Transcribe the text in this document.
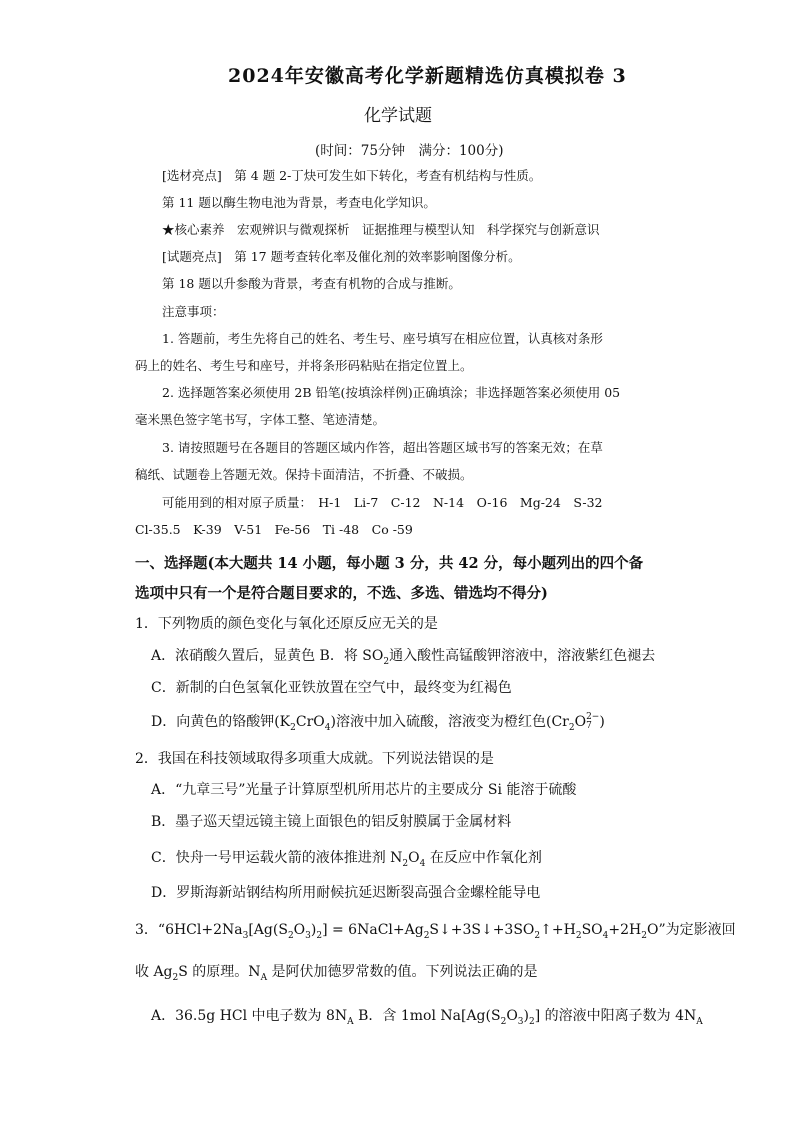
2024年安徽高考化学新题精选仿真模拟卷 3
化学试题
(时间：75分钟　满分：100分)
[选材亮点]　第 4 题 2-丁炔可发生如下转化，考查有机结构与性质。
第 11 题以酶生物电池为背景，考查电化学知识。
★核心素养　宏观辨识与微观探析　证据推理与模型认知　科学探究与创新意识
[试题亮点]　第 17 题考查转化率及催化剂的效率影响图像分析。
第 18 题以升参酸为背景，考查有机物的合成与推断。
注意事项：
1. 答题前，考生先将自己的姓名、考生号、座号填写在相应位置，认真核对条形
码上的姓名、考生号和座号，并将条形码粘贴在指定位置上。
2. 选择题答案必须使用 2B 铅笔(按填涂样例)正确填涂；非选择题答案必须使用 05
毫米黑色签字笔书写，字体工整、笔迹清楚。
3. 请按照题号在各题目的答题区域内作答，超出答题区域书写的答案无效；在草
稿纸、试题卷上答题无效。保持卡面清洁，不折叠、不破损。
可能用到的相对原子质量：　H-1　Li-7　C-12　N-14　O-16　Mg-24　S-32
Cl-35.5　K-39　V-51　Fe-56　Ti -48　Co -59
一、选择题(本大题共 14 小题，每小题 3 分，共 42 分，每小题列出的四个备
选项中只有一个是符合题目要求的，不选、多选、错选均不得分)
1．下列物质的颜色变化与氧化还原反应无关的是
A．浓硝酸久置后，显黄色 B．将 $SO_2$通入酸性高锰酸钾溶液中，溶液紫红色褪去
C．新制的白色氢氧化亚铁放置在空气中，最终变为红褐色
D．向黄色的铬酸钾$(K_2CrO_4)$溶液中加入硫酸，溶液变为橙红色($Cr_2O$ 2−
7 )
2．我国在科技领域取得多项重大成就。下列说法错误的是
A．“九章三号”光量子计算原型机所用芯片的主要成分 Si 能溶于硫酸
B．墨子巡天望远镜主镜上面银色的铝反射膜属于金属材料
C．快舟一号甲运载火箭的液体推进剂 $N_2O_4$ 在反应中作氧化剂
D．罗斯海新站钢结构所用耐候抗延迟断裂高强合金螺栓能导电
3．“$6HCl+2Na_3[Ag(S_2O_3)_2]$ = $6NaCl+Ag_2S↓+3S↓+3SO_2↑+H_2SO_4+2H_2O$”为定影液回
收 $Ag_2S$ 的原理。$N_A$ 是阿伏加德罗常数的值。下列说法正确的是
A．36.5g HCl 中电子数为 $8N_A$ B．含 1mol $Na[Ag(S_2O_3)_2]$ 的溶液中阳离子数为 $4N_A$
